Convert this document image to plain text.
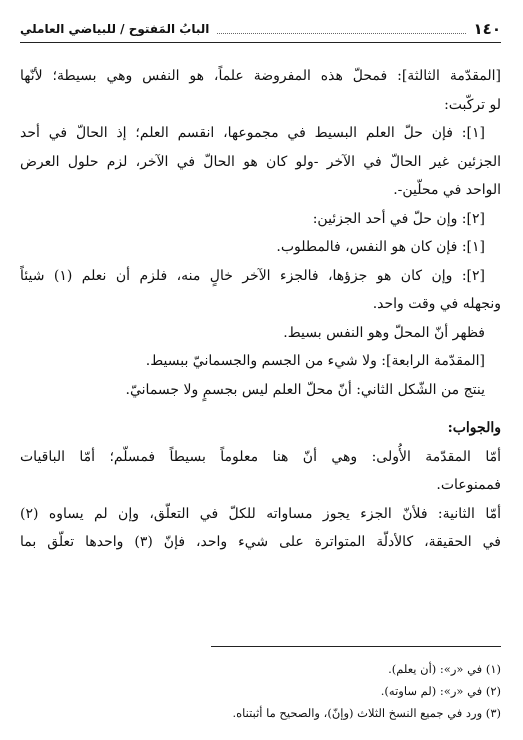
١٤٠
البابُ المَفتوح / للبياضي العاملي
[المقدّمة الثالثة]: فمحلّ هذه المفروضة علماً، هو النفس وهي بسيطة؛ لأنّها
لو تركّبت:
[١]: فإن حلّ العلم البسيط في مجموعها، انقسم العلم؛ إذ الحالّ في أحد
الجزئين غير الحالّ في الآخر -ولو كان هو الحالّ في الآخر، لزم حلول العرض
الواحد في محلّين-.
[٢]: وإن حلّ في أحد الجزئين:
[١]: فإن كان هو النفس، فالمطلوب.
[٢]: وإن كان هو جزؤها، فالجزء الآخر خالٍ منه، فلزم أن نعلم (١) شيئاً
ونجهله في وقت واحد.
فظهر أنّ المحلّ وهو النفس بسيط.
[المقدّمة الرابعة]: ولا شيء من الجسم والجسمانيّ ببسيط.
ينتج من الشّكل الثاني: أنّ محلّ العلم ليس بجسمٍ ولا جسمانيّ.
والجواب:
أمّا المقدّمة الأُولى: وهي أنّ هنا معلوماً بسيطاً فمسلّم؛ أمّا الباقيات
فممنوعات.
أمّا الثانية: فلأنّ الجزء يجوز مساواته للكلّ في التعلّق، وإن لم يساوه (٢)
في الحقيقة، كالأدلّة المتواترة على شيء واحد، فإنّ (٣) واحدها تعلّق بما
(١) في «ر»: (أن يعلم).
(٢) في «ر»: (لم ساوته).
(٣) ورد في جميع النسخ الثلاث (وإنّ)، والصحيح ما أثبتناه.
